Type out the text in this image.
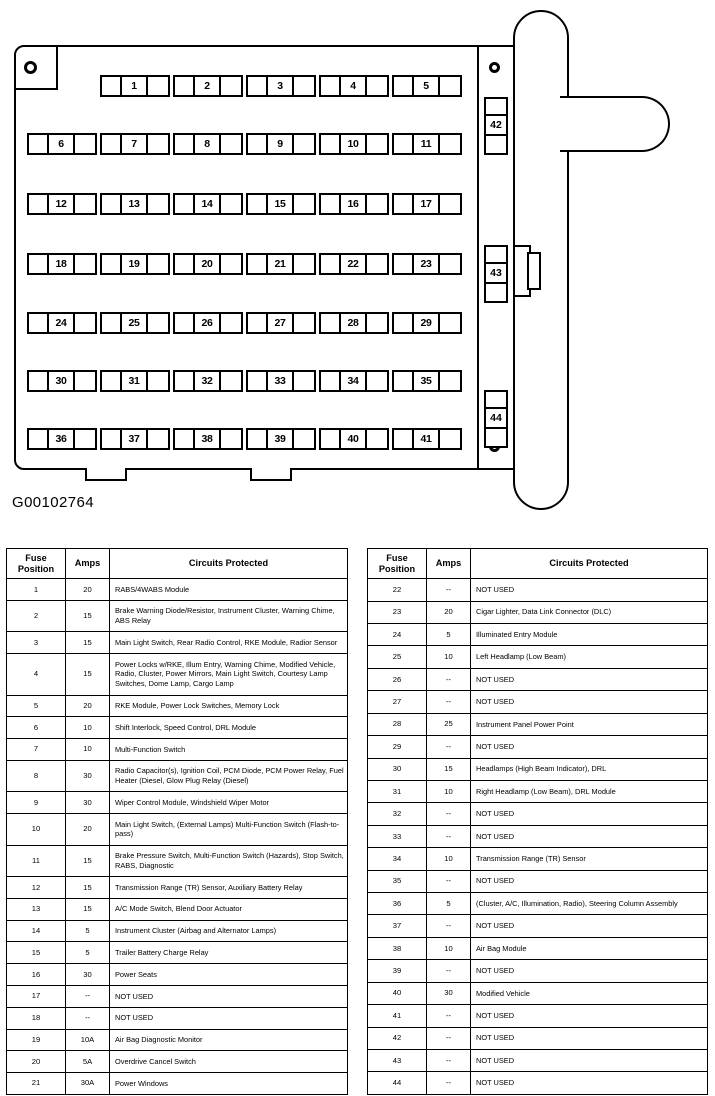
1	2	3	4	5
6	7	8	9	10	11
12	13	14	15	16	17
18	19	20	21	22	23
24	25	26	27	28	29
30	31	32	33	34	35
36	37	38	39	40	41
42
43
44
G00102764
Fuse
Position	Amps	Circuits Protected
1	20	RABS/4WABS Module
2	15	Brake Warning Diode/Resistor, Instrument Cluster, Warning Chime, ABS Relay
3	15	Main Light Switch, Rear Radio Control, RKE Module, Radior Sensor
4	15	Power Locks w/RKE, Illum Entry, Warning Chime, Modified Vehicle, Radio, Cluster, Power Mirrors, Main Light Switch, Courtesy Lamp Switches, Dome Lamp, Cargo Lamp
5	20	RKE Module, Power Lock Switches, Memory Lock
6	10	Shift Interlock, Speed Control, DRL Module
7	10	Multi-Function Switch
8	30	Radio Capacitor(s), Ignition Coil, PCM Diode, PCM Power Relay, Fuel Heater (Diesel, Glow Plug Relay (Diesel)
9	30	Wiper Control Module, Windshield Wiper Motor
10	20	Main Light Switch, (External Lamps) Multi-Function Switch (Flash-to-pass)
11	15	Brake Pressure Switch, Multi-Function Switch (Hazards), Stop Switch, RABS, Diagnostic
12	15	Transmission Range (TR) Sensor, Auxiliary Battery Relay
13	15	A/C Mode Switch, Blend Door Actuator
14	5	Instrument Cluster (Airbag and Alternator Lamps)
15	5	Trailer Battery Charge Relay
16	30	Power Seats
17	--	NOT USED
18	--	NOT USED
19	10A	Air Bag Diagnostic Monitor
20	5A	Overdrive Cancel Switch
21	30A	Power Windows
Fuse
Position	Amps	Circuits Protected
22	--	NOT USED
23	20	Cigar Lighter, Data Link Connector (DLC)
24	5	Illuminated Entry Module
25	10	Left Headlamp (Low Beam)
26	--	NOT USED
27	--	NOT USED
28	25	Instrument Panel Power Point
29	--	NOT USED
30	15	Headlamps (High Beam Indicator), DRL
31	10	Right Headlamp (Low Beam), DRL Module
32	--	NOT USED
33	--	NOT USED
34	10	Transmission Range (TR) Sensor
35	--	NOT USED
36	5	(Cluster, A/C, Illumination, Radio), Steering Column Assembly
37	--	NOT USED
38	10	Air Bag Module
39	--	NOT USED
40	30	Modified Vehicle
41	--	NOT USED
42	--	NOT USED
43	--	NOT USED
44	--	NOT USED
